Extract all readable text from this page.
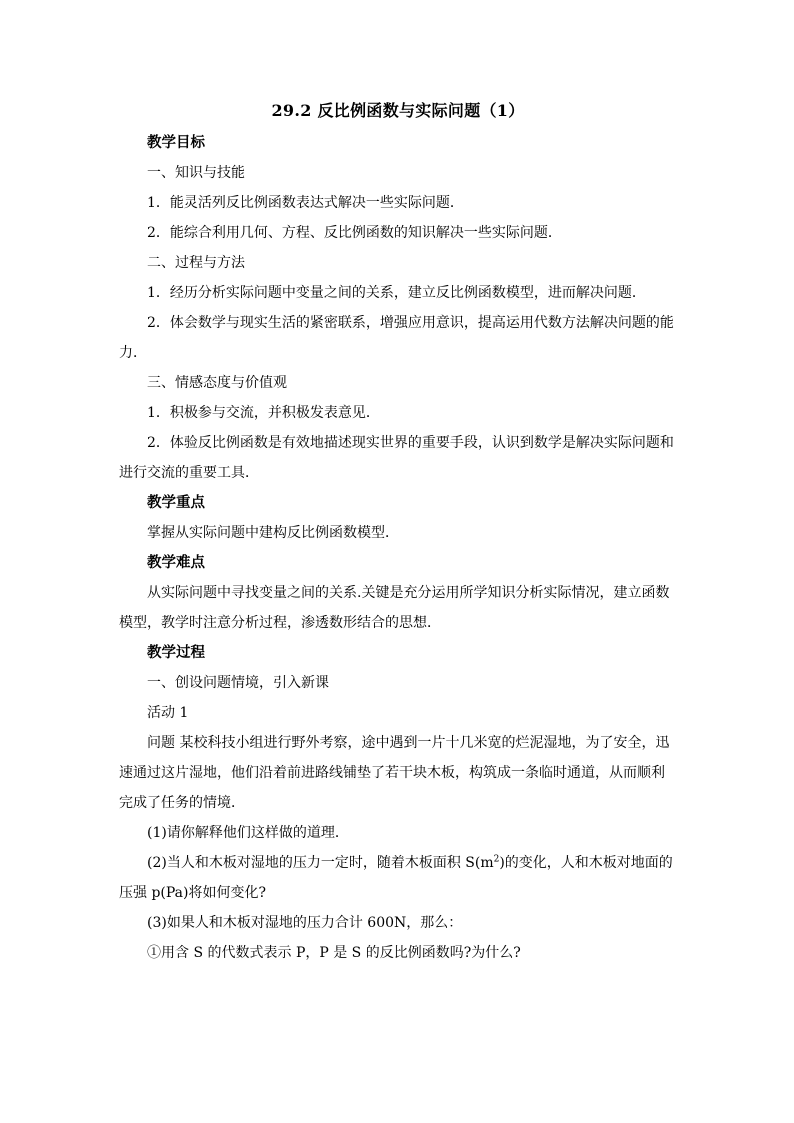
29.2 反比例函数与实际问题（1）
教学目标
一、知识与技能
1．能灵活列反比例函数表达式解决一些实际问题．
2．能综合利用几何、方程、反比例函数的知识解决一些实际问题．
二、过程与方法
1．经历分析实际问题中变量之间的关系，建立反比例函数模型，进而解决问题．
2．体会数学与现实生活的紧密联系，增强应用意识，提高运用代数方法解决问题的能力．
三、情感态度与价值观
1．积极参与交流，并积极发表意见．
2．体验反比例函数是有效地描述现实世界的重要手段，认识到数学是解决实际问题和进行交流的重要工具．
教学重点
掌握从实际问题中建构反比例函数模型．
教学难点
从实际问题中寻找变量之间的关系.关键是充分运用所学知识分析实际情况，建立函数模型，教学时注意分析过程，渗透数形结合的思想．
教学过程
一、创设问题情境，引入新课
活动 1
问题 某校科技小组进行野外考察，途中遇到一片十几米宽的烂泥湿地，为了安全，迅速通过这片湿地，他们沿着前进路线铺垫了若干块木板，构筑成一条临时通道，从而顺利完成了任务的情境．
(1)请你解释他们这样做的道理．
(2)当人和木板对湿地的压力一定时，随着木板面积 $S(m^2)$的变化，人和木板对地面的压强 p(Pa)将如何变化?
(3)如果人和木板对湿地的压力合计 600N，那么：
①用含 S 的代数式表示 P，P 是 S 的反比例函数吗?为什么?
